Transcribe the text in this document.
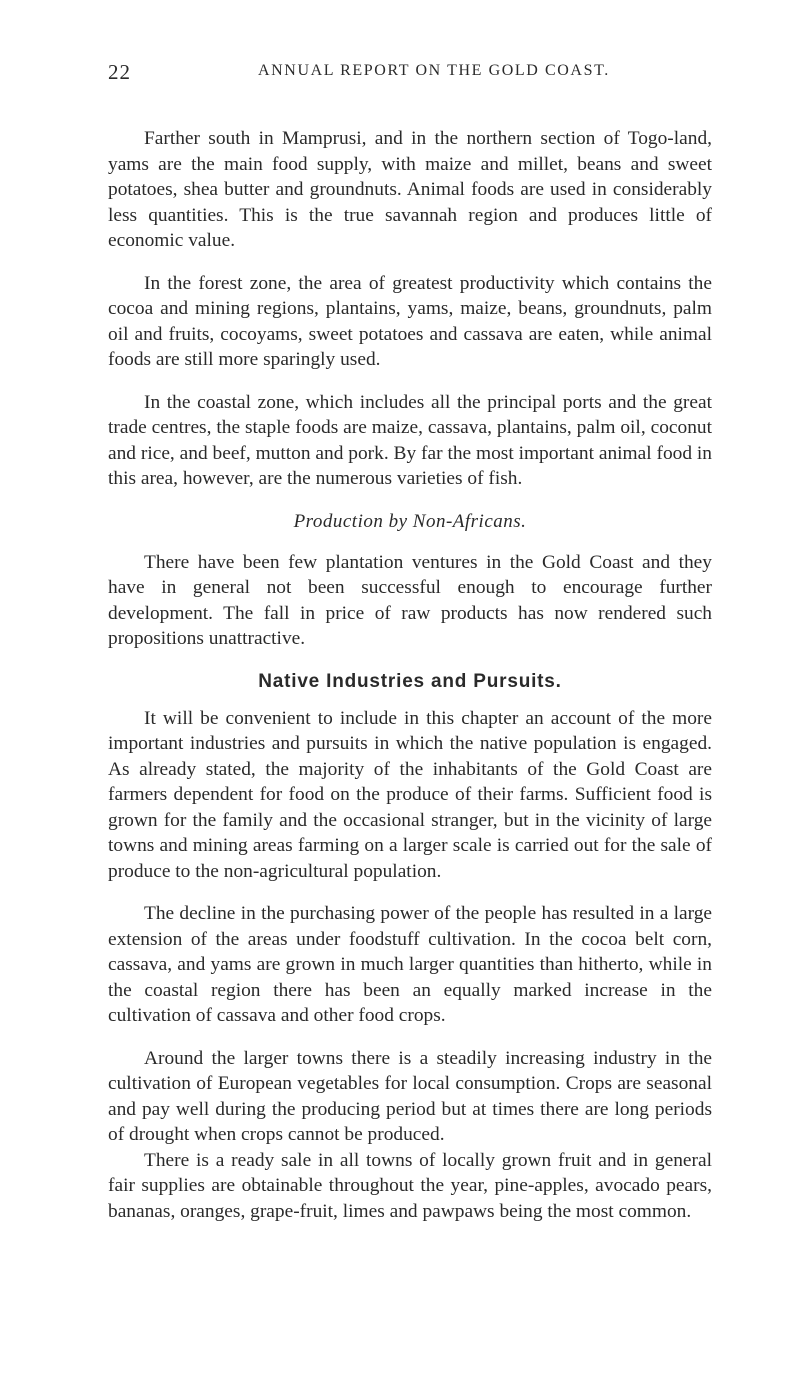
22	ANNUAL REPORT ON THE GOLD COAST.

Farther south in Mamprusi, and in the northern section of Togo-land, yams are the main food supply, with maize and millet, beans and sweet potatoes, shea butter and groundnuts. Animal foods are used in considerably less quantities. This is the true savannah region and produces little of economic value.

In the forest zone, the area of greatest productivity which contains the cocoa and mining regions, plantains, yams, maize, beans, groundnuts, palm oil and fruits, cocoyams, sweet potatoes and cassava are eaten, while animal foods are still more sparingly used.

In the coastal zone, which includes all the principal ports and the great trade centres, the staple foods are maize, cassava, plantains, palm oil, coconut and rice, and beef, mutton and pork. By far the most important animal food in this area, however, are the numerous varieties of fish.

Production by Non-Africans.

There have been few plantation ventures in the Gold Coast and they have in general not been successful enough to encourage further development. The fall in price of raw products has now rendered such propositions unattractive.

Native Industries and Pursuits.

It will be convenient to include in this chapter an account of the more important industries and pursuits in which the native population is engaged. As already stated, the majority of the inhabitants of the Gold Coast are farmers dependent for food on the produce of their farms. Sufficient food is grown for the family and the occasional stranger, but in the vicinity of large towns and mining areas farming on a larger scale is carried out for the sale of produce to the non-agricultural population.

The decline in the purchasing power of the people has resulted in a large extension of the areas under foodstuff cultivation. In the cocoa belt corn, cassava, and yams are grown in much larger quantities than hitherto, while in the coastal region there has been an equally marked increase in the cultivation of cassava and other food crops.

Around the larger towns there is a steadily increasing industry in the cultivation of European vegetables for local consumption. Crops are seasonal and pay well during the producing period but at times there are long periods of drought when crops cannot be produced.

There is a ready sale in all towns of locally grown fruit and in general fair supplies are obtainable throughout the year, pine-apples, avocado pears, bananas, oranges, grape-fruit, limes and pawpaws being the most common.
